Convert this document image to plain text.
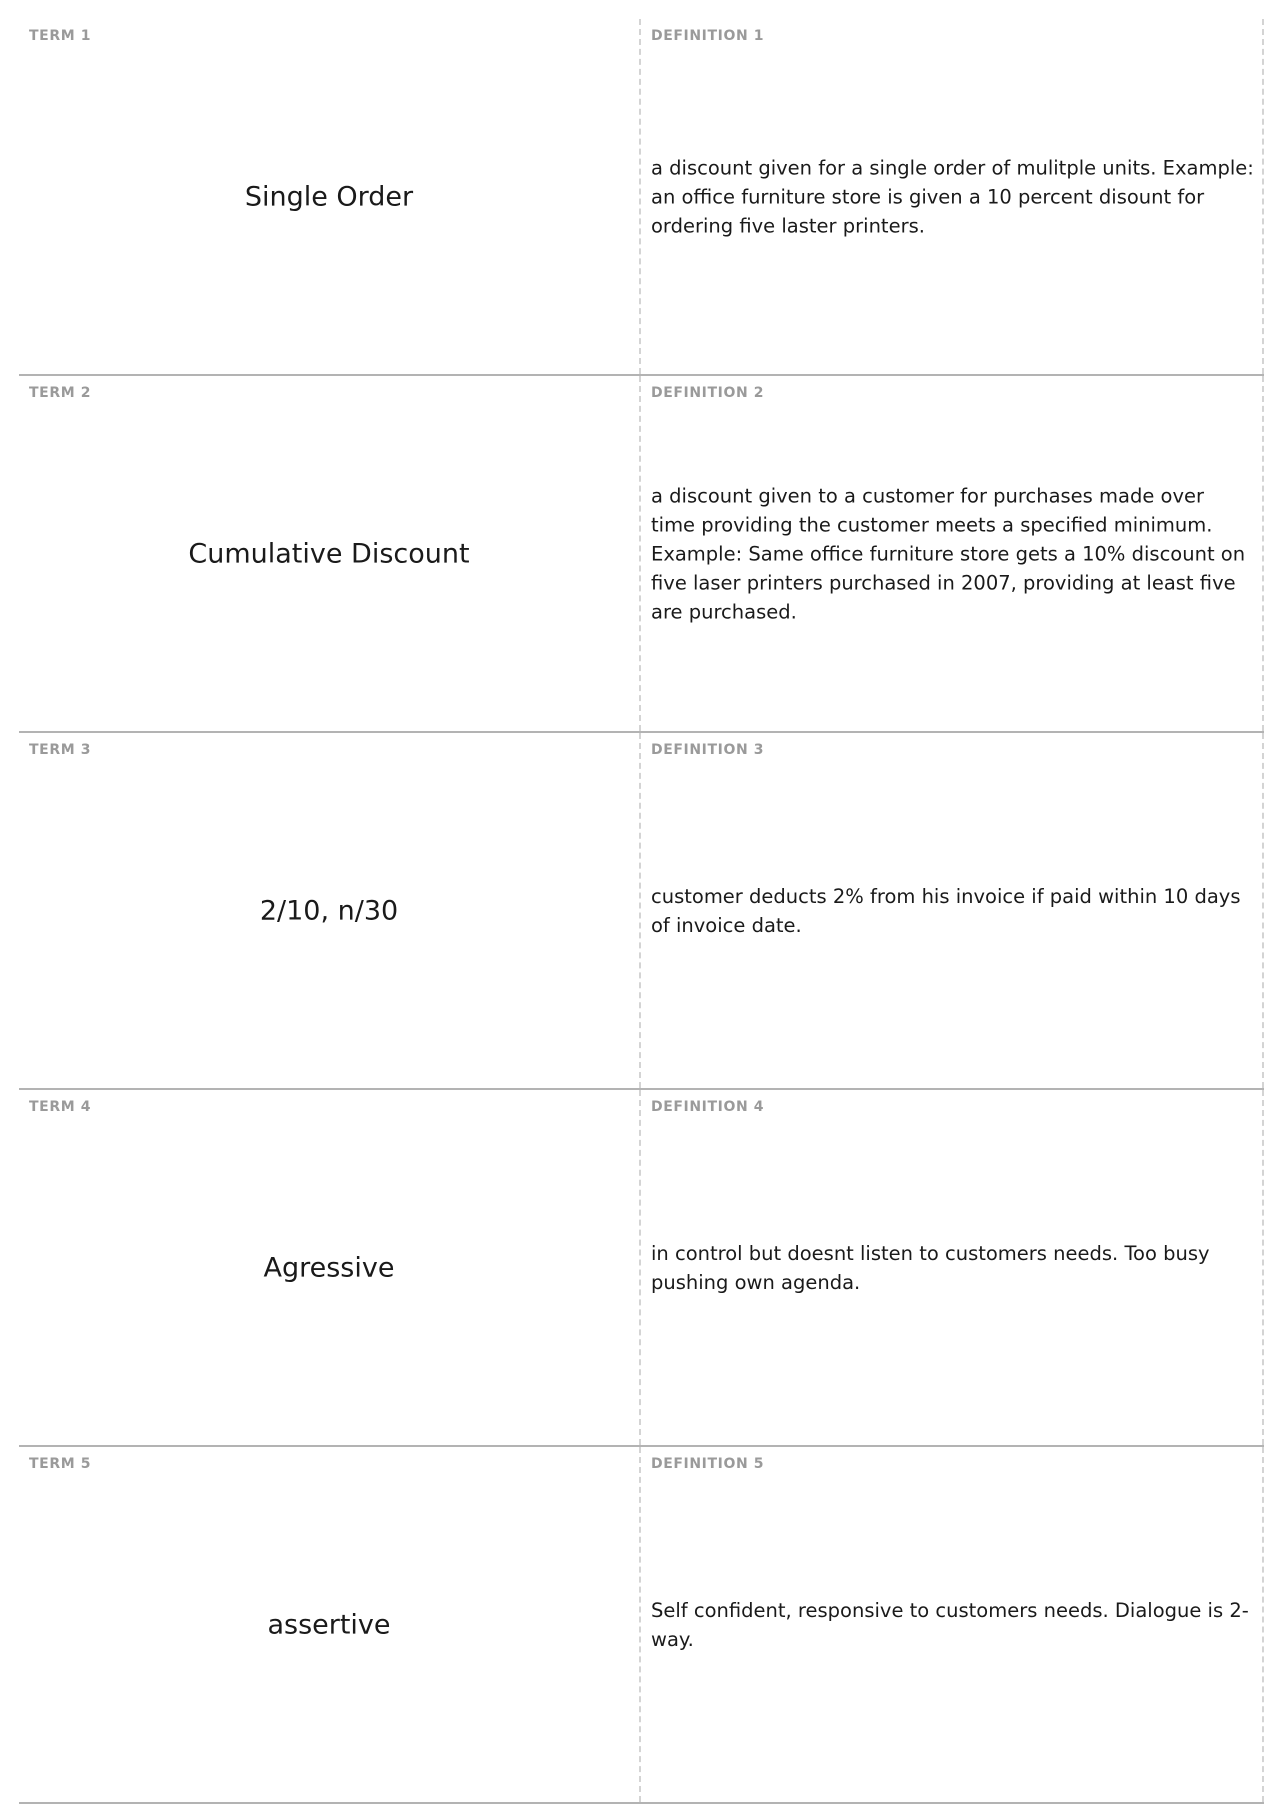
TERM 1
Single Order
DEFINITION 1
a discount given for a single order of mulitple units. Example: an office furniture store is given a 10 percent disount for ordering five laster printers.
TERM 2
Cumulative Discount
DEFINITION 2
a discount given to a customer for purchases made over time providing the customer meets a specified minimum. Example: Same office furniture store gets a 10% discount on five laser printers purchased in 2007, providing at least five are purchased.
TERM 3
2/10, n/30
DEFINITION 3
customer deducts 2% from his invoice if paid within 10 days of invoice date.
TERM 4
Agressive
DEFINITION 4
in control but doesnt listen to customers needs. Too busy pushing own agenda.
TERM 5
assertive
DEFINITION 5
Self confident, responsive to customers needs. Dialogue is 2-way.
